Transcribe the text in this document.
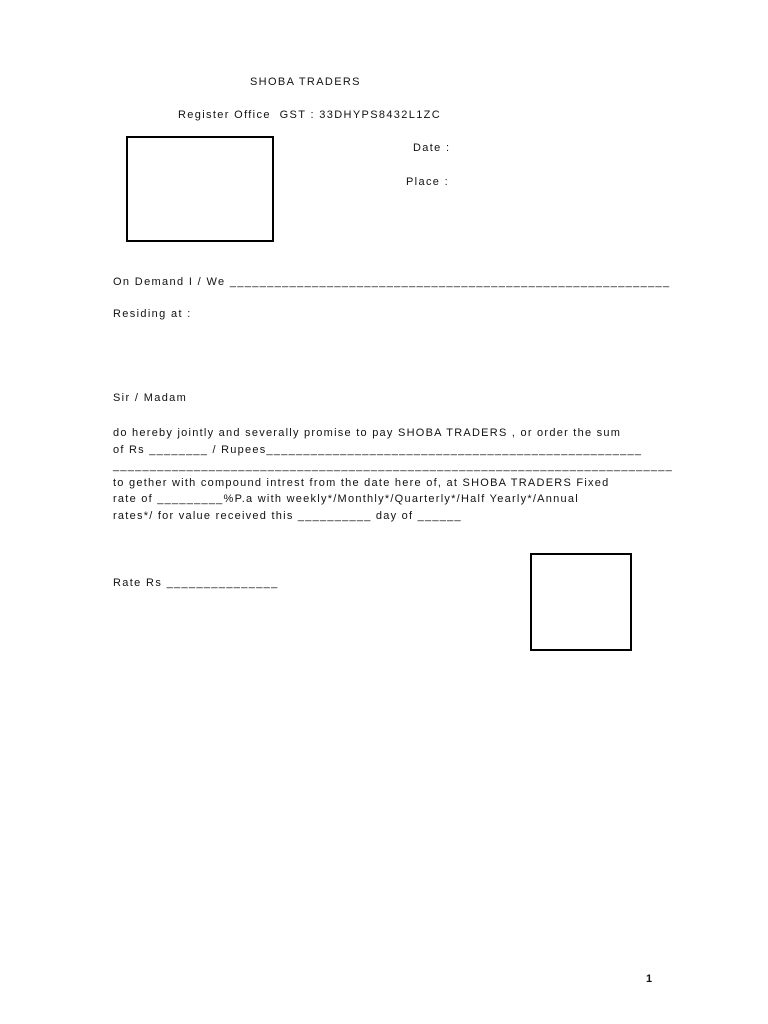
SHOBA TRADERS
Register Office  GST : 33DHYPS8432L1ZC
Date :
Place :
On Demand I / We ___________________________________________________________
Residing at :
Sir / Madam
do hereby jointly and severally promise to pay SHOBA TRADERS , or order the sum
of Rs ________ / Rupees___________________________________________________
____________________________________________________________________________
to gether with compound intrest from the date here of, at SHOBA TRADERS Fixed
rate of _________%P.a with weekly*/Monthly*/Quarterly*/Half Yearly*/Annual
rates*/ for value received this __________ day of ______
Rate Rs _______________
1
